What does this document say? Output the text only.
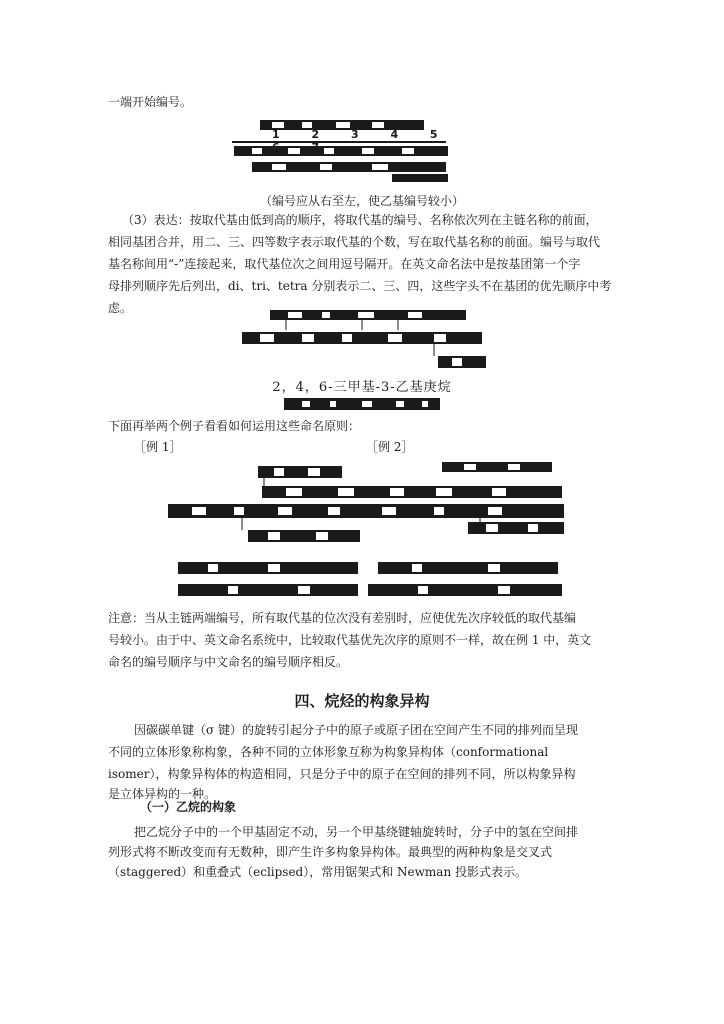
一端开始编号。
1 2 3 4 5 6 7
（编号应从右至左，使乙基编号较小）
（3）表达：按取代基由低到高的顺序，将取代基的编号、名称依次列在主链名称的前面，
相同基团合并，用二、三、四等数字表示取代基的个数，写在取代基名称的前面。编号与取代
基名称间用“-”连接起来，取代基位次之间用逗号隔开。在英文命名法中是按基团第一个字
母排列顺序先后列出，di、tri、tetra 分别表示二、三、四，这些字头不在基团的优先顺序中考
虑。
2，4，6-三甲基-3-乙基庚烷
下面再举两个例子看看如何运用这些命名原则：
［例 1］	［例 2］
注意：当从主链两端编号，所有取代基的位次没有差别时，应使优先次序较低的取代基编
号较小。由于中、英文命名系统中，比较取代基优先次序的原则不一样，故在例 1 中，英文
命名的编号顺序与中文命名的编号顺序相反。
四、烷烃的构象异构
因碳碳单键（σ 键）的旋转引起分子中的原子或原子团在空间产生不同的排列而呈现
不同的立体形象称构象，各种不同的立体形象互称为构象异构体（conformational
isomer），构象异构体的构造相同，只是分子中的原子在空间的排列不同，所以构象异构
是立体异构的一种。
（一）乙烷的构象
把乙烷分子中的一个甲基固定不动，另一个甲基绕键轴旋转时，分子中的氢在空间排
列形式将不断改变而有无数种，即产生许多构象异构体。最典型的两种构象是交叉式
（staggered）和重叠式（eclipsed），常用锯架式和 Newman 投影式表示。
